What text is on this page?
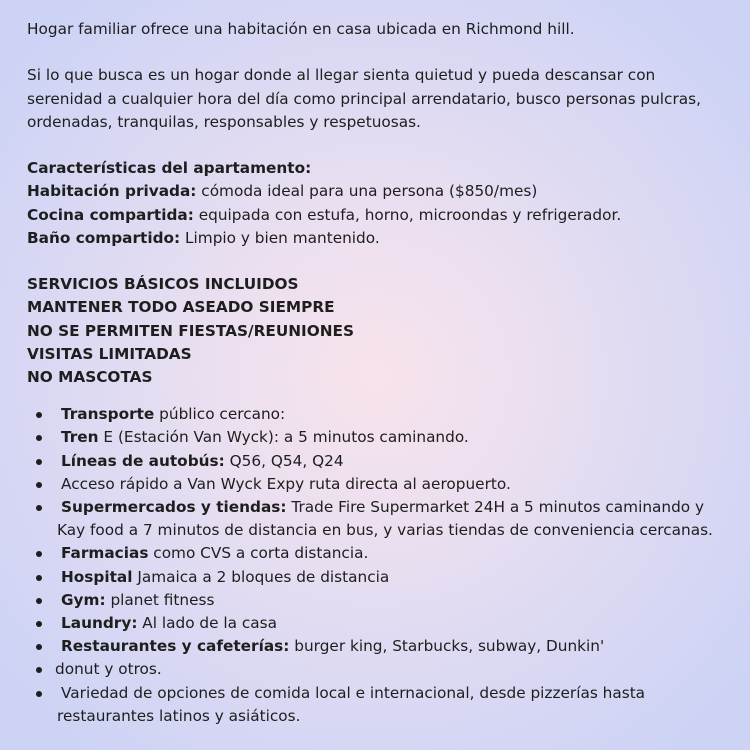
Hogar familiar ofrece una habitación en casa ubicada en Richmond hill.

Si lo que busca es un hogar donde al llegar sienta quietud y pueda descansar con

serenidad a cualquier hora del día como principal arrendatario, busco personas pulcras,

ordenadas, tranquilas, responsables y respetuosas.

Características del apartamento:

Habitación privada: cómoda ideal para una persona ($850/mes)

Cocina compartida: equipada con estufa, horno, microondas y refrigerador.

Baño compartido: Limpio y bien mantenido.

SERVICIOS BÁSICOS INCLUIDOS

MANTENER TODO ASEADO SIEMPRE

NO SE PERMITEN FIESTAS/REUNIONES

VISITAS LIMITADAS

NO MASCOTAS

Transporte público cercano:
Tren E (Estación Van Wyck): a 5 minutos caminando.
Líneas de autobús: Q56, Q54, Q24
Acceso rápido a Van Wyck Expy ruta directa al aeropuerto.
Supermercados y tiendas: Trade Fire Supermarket 24H a 5 minutos caminando y
Kay food a 7 minutos de distancia en bus, y varias tiendas de conveniencia cercanas.
Farmacias como CVS a corta distancia.
Hospital Jamaica a 2 bloques de distancia
Gym: planet fitness
Laundry: Al lado de la casa
Restaurantes y cafeterías: burger king, Starbucks, subway, Dunkin'
donut y otros.
Variedad de opciones de comida local e internacional, desde pizzerías hasta
restaurantes latinos y asiáticos.
